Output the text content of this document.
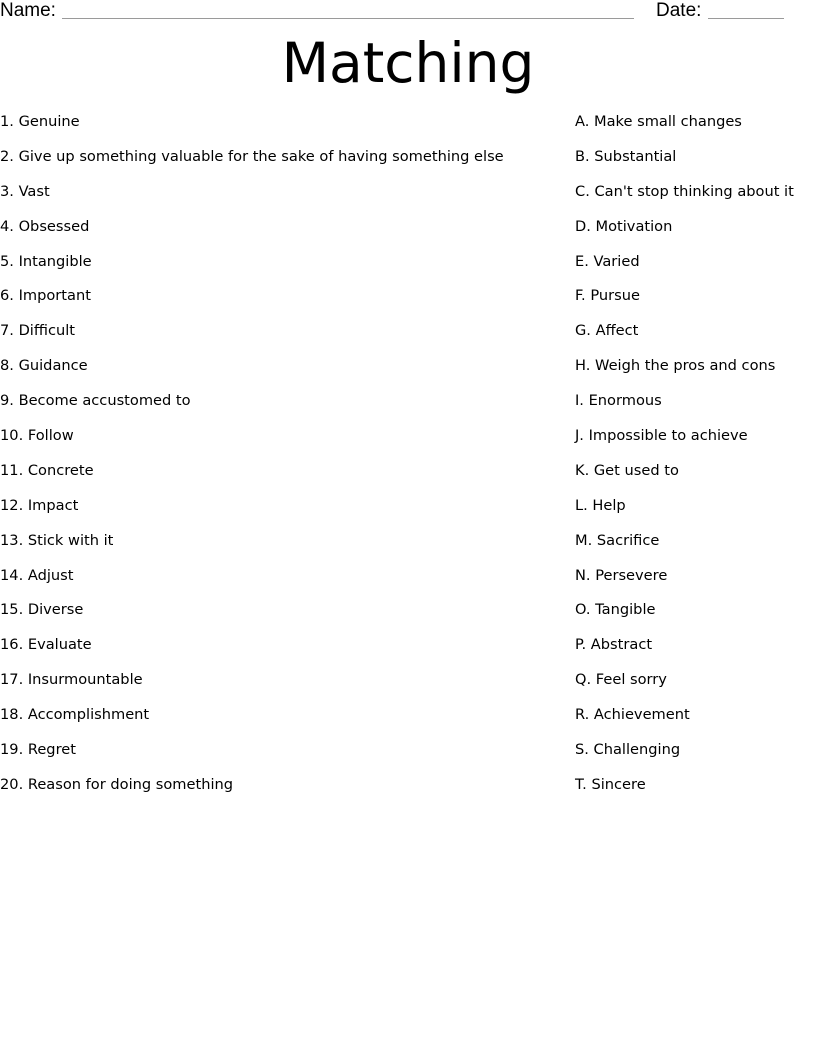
Name:	Date:
Matching
1. Genuine
2. Give up something valuable for the sake of having something else
3. Vast
4. Obsessed
5. Intangible
6. Important
7. Difficult
8. Guidance
9. Become accustomed to
10. Follow
11. Concrete
12. Impact
13. Stick with it
14. Adjust
15. Diverse
16. Evaluate
17. Insurmountable
18. Accomplishment
19. Regret
20. Reason for doing something
A. Make small changes
B. Substantial
C. Can't stop thinking about it
D. Motivation
E. Varied
F. Pursue
G. Affect
H. Weigh the pros and cons
I. Enormous
J. Impossible to achieve
K. Get used to
L. Help
M. Sacrifice
N. Persevere
O. Tangible
P. Abstract
Q. Feel sorry
R. Achievement
S. Challenging
T. Sincere
